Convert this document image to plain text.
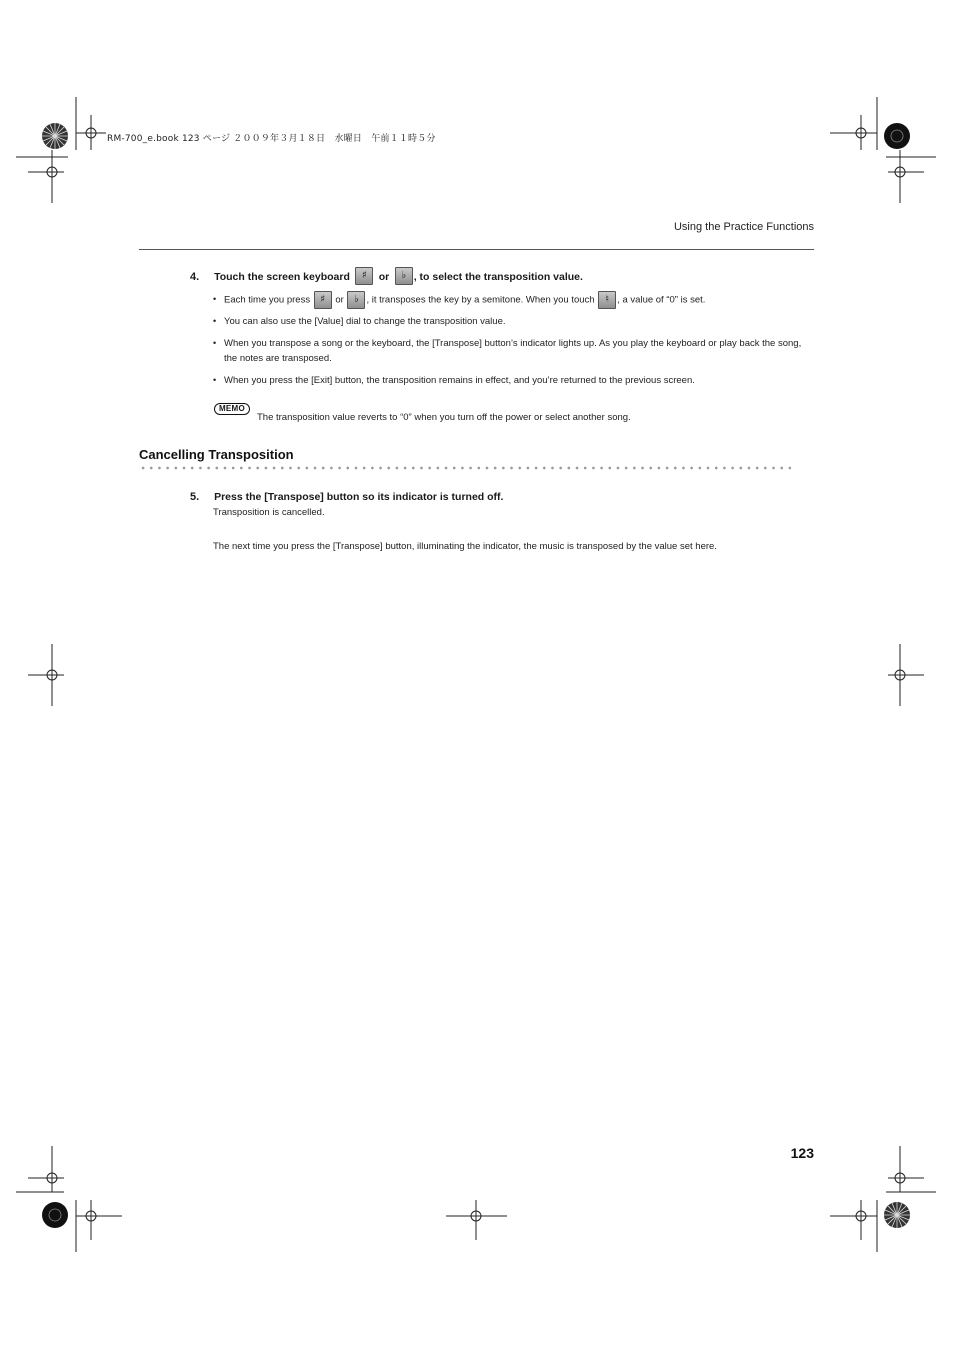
RM-700_e.book 123 ページ ２００９年３月１８日　水曜日　午前１１時５分
Using the Practice Functions
4. Touch the screen keyboard ♯ or ♭ , to select the transposition value.
• Each time you press ♯ or ♭ , it transposes the key by a semitone. When you touch ♮ , a value of “0” is set.
• You can also use the [Value] dial to change the transposition value.
• When you transpose a song or the keyboard, the [Transpose] button’s indicator lights up. As you play the keyboard or play back the song, the notes are transposed.
• When you press the [Exit] button, the transposition remains in effect, and you’re returned to the previous screen.
MEMO
The transposition value reverts to “0” when you turn off the power or select another song.
Cancelling Transposition
5. Press the [Transpose] button so its indicator is turned off.
Transposition is cancelled.
The next time you press the [Transpose] button, illuminating the indicator, the music is transposed by the value set here.
123
